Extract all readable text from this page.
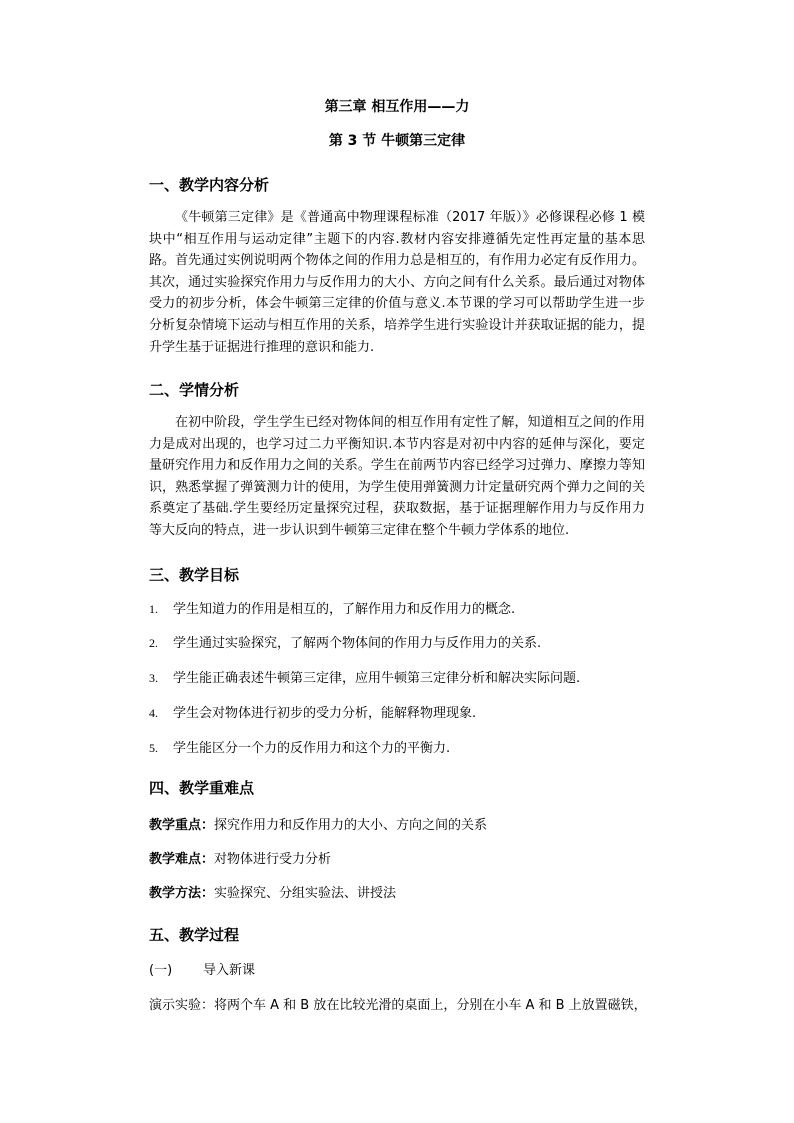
第三章 相互作用——力
第 3 节 牛顿第三定律
一、教学内容分析
《牛顿第三定律》是《普通高中物理课程标准（2017 年版）》必修课程必修 1 模块中“相互作用与运动定律”主题下的内容.教材内容安排遵循先定性再定量的基本思路。首先通过实例说明两个物体之间的作用力总是相互的，有作用力必定有反作用力。其次，通过实验探究作用力与反作用力的大小、方向之间有什么关系。最后通过对物体受力的初步分析，体会牛顿第三定律的价值与意义.本节课的学习可以帮助学生进一步分析复杂情境下运动与相互作用的关系，培养学生进行实验设计并获取证据的能力，提升学生基于证据进行推理的意识和能力.
二、学情分析
在初中阶段，学生学生已经对物体间的相互作用有定性了解，知道相互之间的作用力是成对出现的，也学习过二力平衡知识.本节内容是对初中内容的延伸与深化，要定量研究作用力和反作用力之间的关系。学生在前两节内容已经学习过弹力、摩擦力等知识，熟悉掌握了弹簧测力计的使用，为学生使用弹簧测力计定量研究两个弹力之间的关系奠定了基础.学生要经历定量探究过程，获取数据，基于证据理解作用力与反作用力等大反向的特点，进一步认识到牛顿第三定律在整个牛顿力学体系的地位.
三、教学目标
1. 学生知道力的作用是相互的，了解作用力和反作用力的概念.
2. 学生通过实验探究，了解两个物体间的作用力与反作用力的关系.
3. 学生能正确表述牛顿第三定律，应用牛顿第三定律分析和解决实际问题.
4. 学生会对物体进行初步的受力分析，能解释物理现象.
5. 学生能区分一个力的反作用力和这个力的平衡力.
四、教学重难点
教学重点：探究作用力和反作用力的大小、方向之间的关系
教学难点：对物体进行受力分析
教学方法：实验探究、分组实验法、讲授法
五、教学过程
(一) 导入新课
演示实验：将两个车 A 和 B 放在比较光滑的桌面上，分别在小车 A 和 B 上放置磁铁，
